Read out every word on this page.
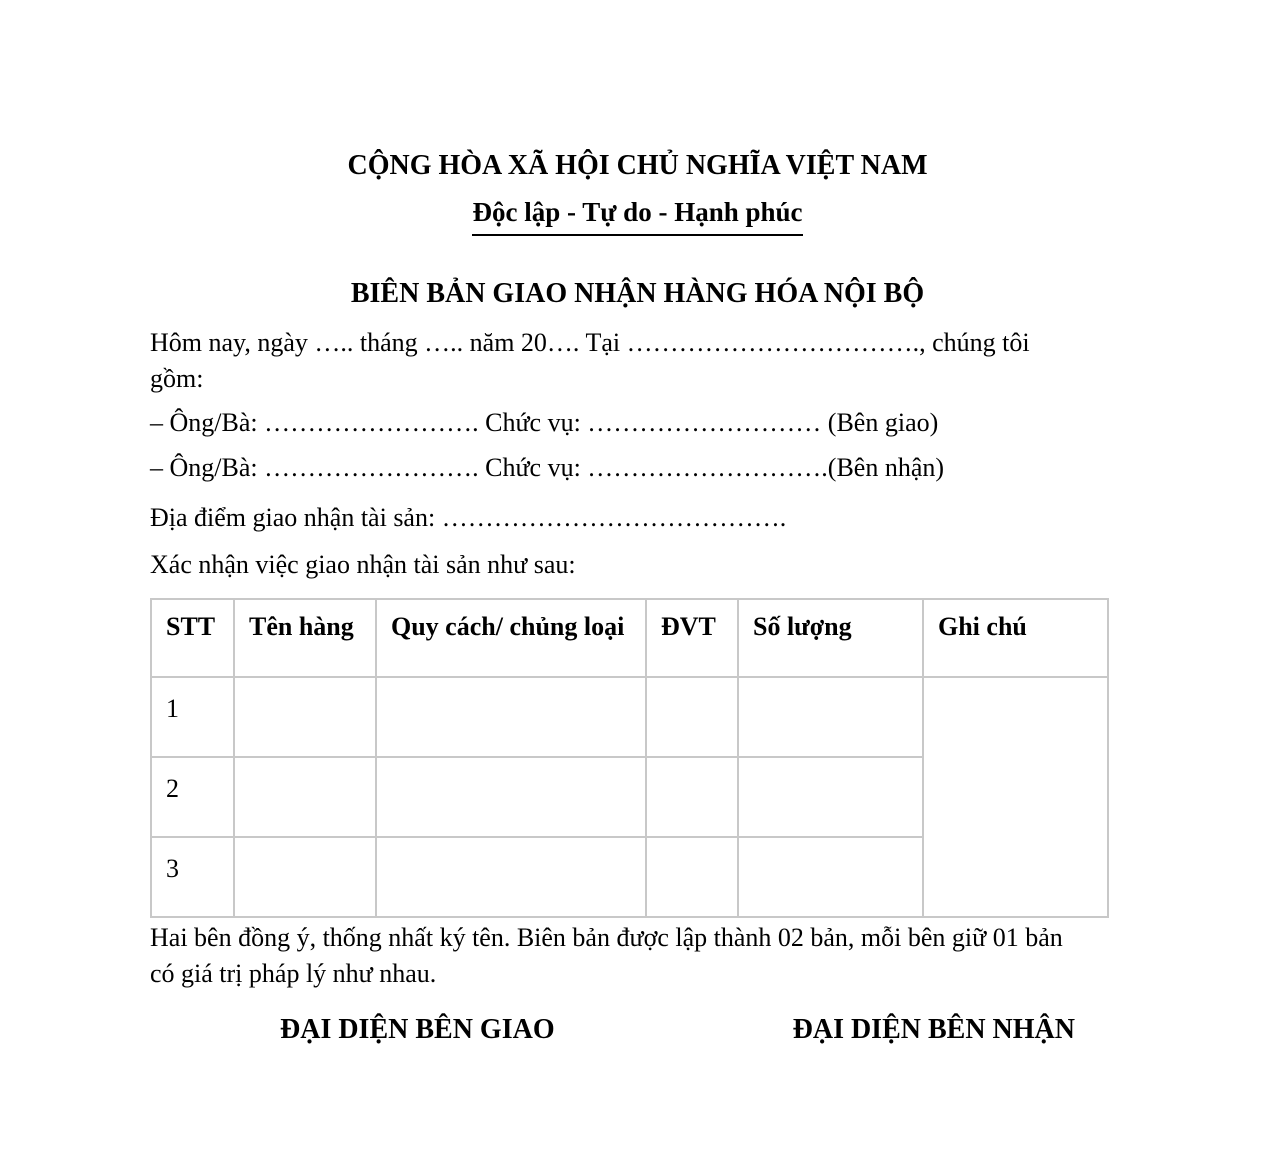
CỘNG HÒA XÃ HỘI CHỦ NGHĨA VIỆT NAM
Độc lập - Tự do - Hạnh phúc
BIÊN BẢN GIAO NHẬN HÀNG HÓA NỘI BỘ
Hôm nay, ngày ….. tháng ….. năm 20…. Tại ……………………………., chúng tôi
gồm:
– Ông/Bà: ……………………. Chức vụ: ……………………… (Bên giao)
– Ông/Bà: ……………………. Chức vụ: ……………………….(Bên nhận)
Địa điểm giao nhận tài sản: ………………………………….
Xác nhận việc giao nhận tài sản như sau:
STT	Tên hàng	Quy cách/ chủng loại	ĐVT	Số lượng	Ghi chú
1					
2					
3					
Hai bên đồng ý, thống nhất ký tên. Biên bản được lập thành 02 bản, mỗi bên giữ 01 bản
có giá trị pháp lý như nhau.
ĐẠI DIỆN BÊN GIAO	ĐẠI DIỆN BÊN NHẬN
